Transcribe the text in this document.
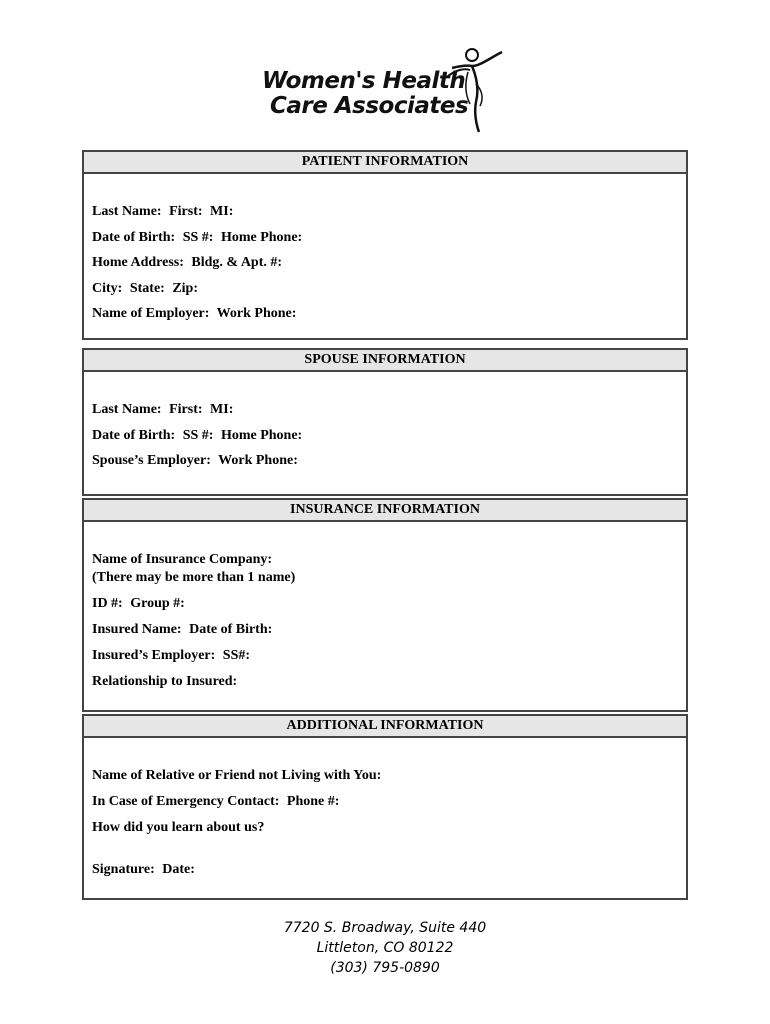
Women's Health
Care Associates
PATIENT INFORMATION
Last Name: First: MI:
Date of Birth: SS #: Home Phone:
Home Address: Bldg. & Apt. #:
City: State: Zip:
Name of Employer: Work Phone:
SPOUSE INFORMATION
Last Name: First: MI:
Date of Birth: SS #: Home Phone:
Spouse’s Employer: Work Phone:
INSURANCE INFORMATION
Name of Insurance Company:
(There may be more than 1 name)
ID #: Group #:
Insured Name: Date of Birth:
Insured’s Employer: SS#:
Relationship to Insured:
ADDITIONAL INFORMATION
Name of Relative or Friend not Living with You:
In Case of Emergency Contact: Phone #:
How did you learn about us?
Signature: Date:
7720 S. Broadway, Suite 440
Littleton, CO 80122
(303) 795-0890
